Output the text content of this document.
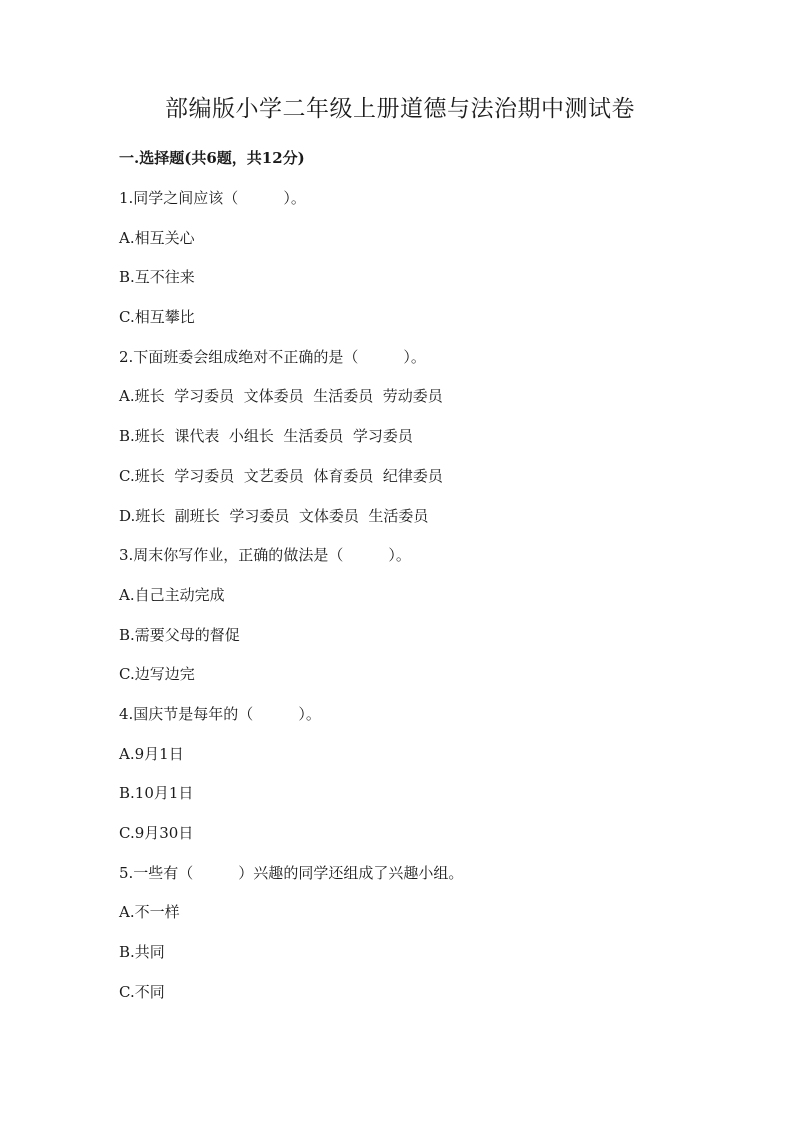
部编版小学二年级上册道德与法治期中测试卷
一.选择题(共6题，共12分)
1.同学之间应该（　　　）。
A.相互关心
B.互不往来
C.相互攀比
2.下面班委会组成绝对不正确的是（　　　）。
A.班长  学习委员  文体委员  生活委员  劳动委员
B.班长  课代表  小组长  生活委员  学习委员
C.班长  学习委员  文艺委员  体育委员  纪律委员
D.班长  副班长  学习委员  文体委员  生活委员
3.周末你写作业，正确的做法是（　　　）。
A.自己主动完成
B.需要父母的督促
C.边写边完
4.国庆节是每年的（　　　）。
A.9月1日
B.10月1日
C.9月30日
5.一些有（　　　）兴趣的同学还组成了兴趣小组。
A.不一样
B.共同
C.不同
